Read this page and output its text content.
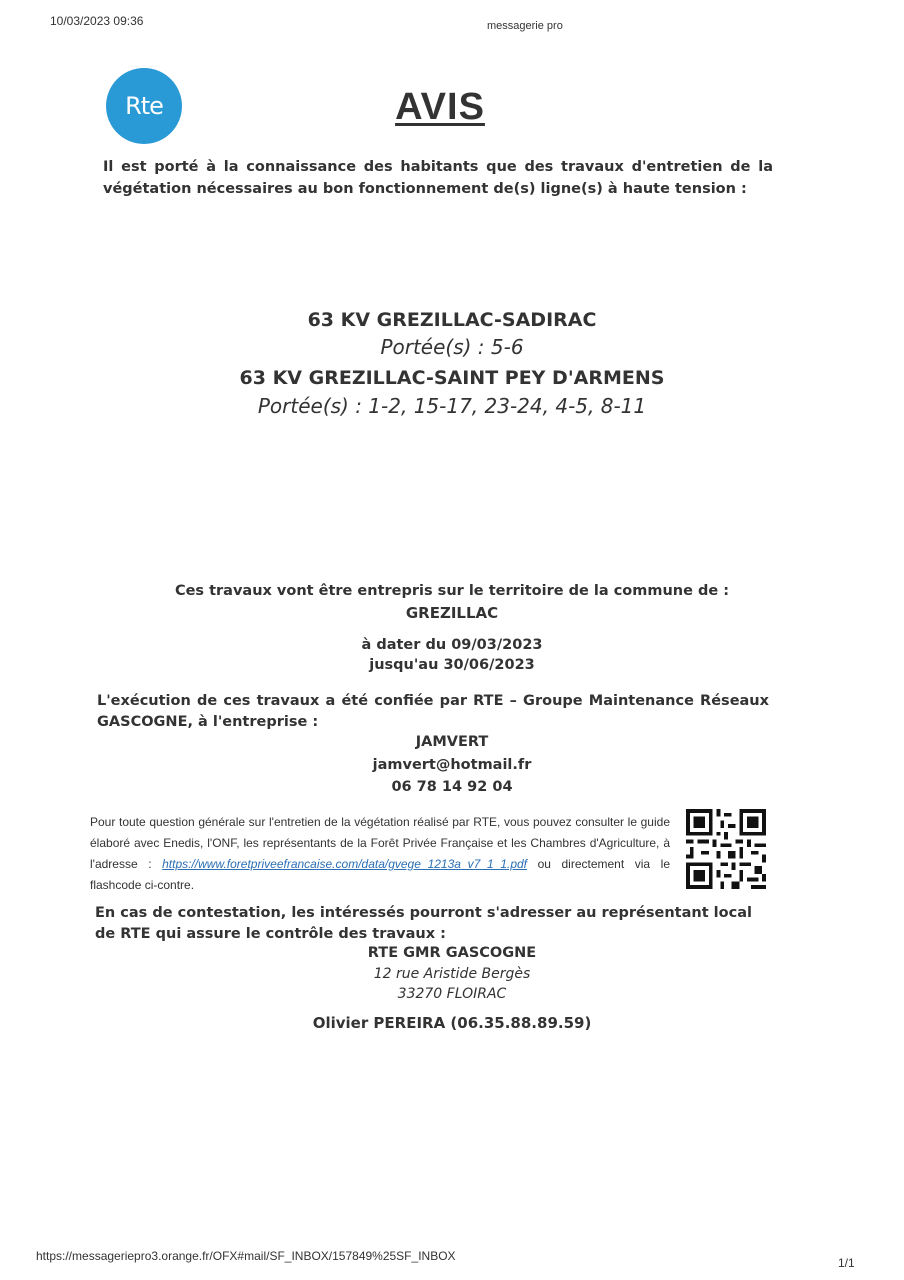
10/03/2023 09:36	messagerie pro
Rte	AVIS
Il est porté à la connaissance des habitants que des travaux d'entretien de la végétation nécessaires au bon fonctionnement de(s) ligne(s) à haute tension :
63 KV GREZILLAC-SADIRAC
Portée(s) : 5-6
63 KV GREZILLAC-SAINT PEY D'ARMENS
Portée(s) : 1-2, 15-17, 23-24, 4-5, 8-11
Ces travaux vont être entrepris sur le territoire de la commune de :
GREZILLAC
à dater du 09/03/2023
jusqu'au 30/06/2023
L'exécution de ces travaux a été confiée par RTE – Groupe Maintenance Réseaux GASCOGNE, à l'entreprise :
JAMVERT
jamvert@hotmail.fr
06 78 14 92 04
Pour toute question générale sur l'entretien de la végétation réalisé par RTE, vous pouvez consulter le guide élaboré avec Enedis, l'ONF, les représentants de la Forêt Privée Française et les Chambres d'Agriculture, à l'adresse : https://www.foretpriveefrancaise.com/data/gvege_1213a_v7_1_1.pdf ou directement via le flashcode ci-contre.
En cas de contestation, les intéressés pourront s'adresser au représentant local de RTE qui assure le contrôle des travaux :
RTE GMR GASCOGNE
12 rue Aristide Bergès
33270 FLOIRAC
Olivier PEREIRA (06.35.88.89.59)
https://messageriepro3.orange.fr/OFX#mail/SF_INBOX/157849%25SF_INBOX	1/1
